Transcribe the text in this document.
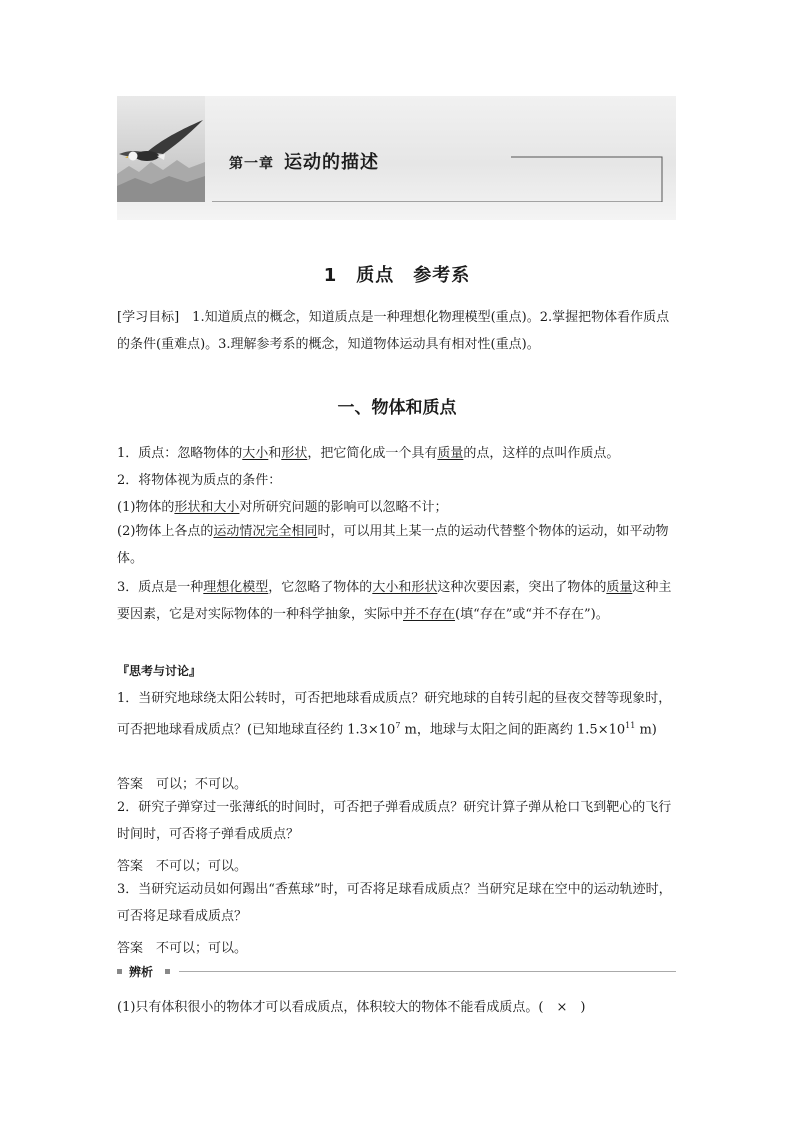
第一章 运动的描述
1　质点　参考系
[学习目标]　 1.知道质点的概念，知道质点是一种理想化物理模型(重点)。2.掌握把物体看作质点的条件(重难点)。3.理解参考系的概念，知道物体运动具有相对性(重点)。
一、物体和质点
1．质点：忽略物体的大小和形状，把它简化成一个具有质量的点，这样的点叫作质点。
2．将物体视为质点的条件：
(1)物体的形状和大小对所研究问题的影响可以忽略不计；
(2)物体上各点的运动情况完全相同时，可以用其上某一点的运动代替整个物体的运动，如平动物体。
3．质点是一种理想化模型，它忽略了物体的大小和形状这种次要因素，突出了物体的质量这种主要因素，它是对实际物体的一种科学抽象，实际中并不存在(填“存在”或“并不存在”)。
『思考与讨论』
1．当研究地球绕太阳公转时，可否把地球看成质点？研究地球的自转引起的昼夜交替等现象时，可否把地球看成质点？(已知地球直径约 $1.3\times 10^7$ m，地球与太阳之间的距离约 $1.5\times 10^{11}$ m)
答案　可以；不可以。
2．研究子弹穿过一张薄纸的时间时，可否把子弹看成质点？研究计算子弹从枪口飞到靶心的飞行时间时，可否将子弹看成质点？
答案　不可以；可以。
3．当研究运动员如何踢出“香蕉球”时，可否将足球看成质点？当研究足球在空中的运动轨迹时，可否将足球看成质点？
答案　不可以；可以。
辨析
(1)只有体积很小的物体才可以看成质点，体积较大的物体不能看成质点。(　×　)
